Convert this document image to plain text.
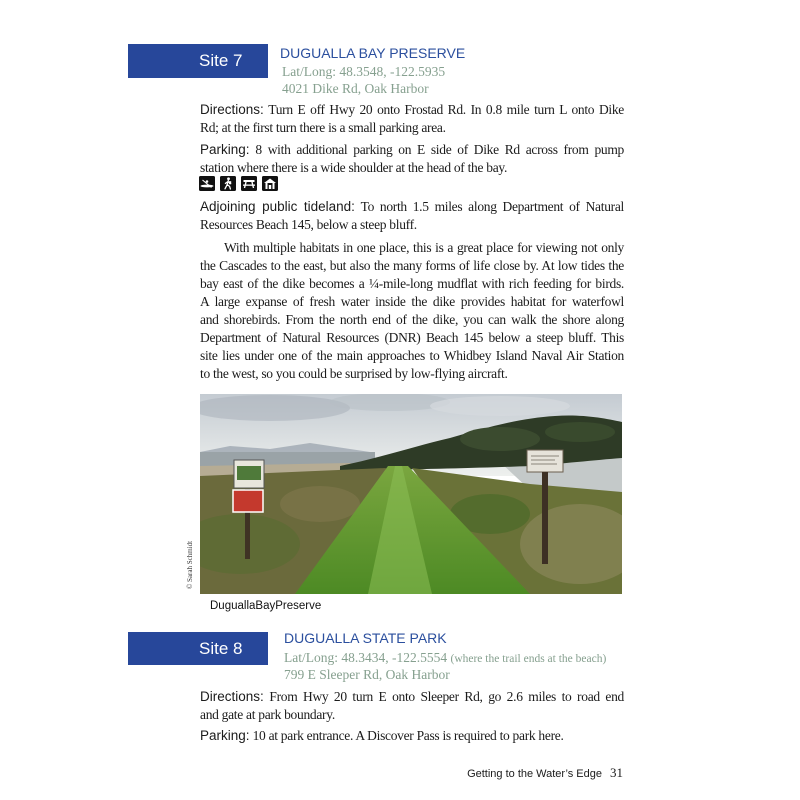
Site 7	DUGUALLA BAY PRESERVE
Lat/Long: 48.3548, -122.5935
4021 Dike Rd, Oak Harbor
Directions: Turn E off Hwy 20 onto Frostad Rd. In 0.8 mile turn L onto Dike
Rd; at the first turn there is a small parking area.
Parking: 8 with additional parking on E side of Dike Rd across from pump
station where there is a wide shoulder at the head of the bay.
Adjoining public tideland: To north 1.5 miles along Department of Natural
Resources Beach 145, below a steep bluff.
With multiple habitats in one place, this is a great place for viewing not only
the Cascades to the east, but also the many forms of life close by. At low tides the
bay east of the dike becomes a ¼-mile-long mudflat with rich feeding for birds.
A large expanse of fresh water inside the dike provides habitat for waterfowl
and shorebirds. From the north end of the dike, you can walk the shore along
Department of Natural Resources (DNR) Beach 145 below a steep bluff. This
site lies under one of the main approaches to Whidbey Island Naval Air Station
to the west, so you could be surprised by low-flying aircraft.
© Sarah Schmidt
DuguallaBayPreserve
Site 8
DUGUALLA STATE PARK
Lat/Long: 48.3434, -122.5554 (where the trail ends at the beach)
799 E Sleeper Rd, Oak Harbor
Directions: From Hwy 20 turn E onto Sleeper Rd, go 2.6 miles to road end
and gate at park boundary.
Parking: 10 at park entrance. A Discover Pass is required to park here.
Getting to the Water’s Edge 31
